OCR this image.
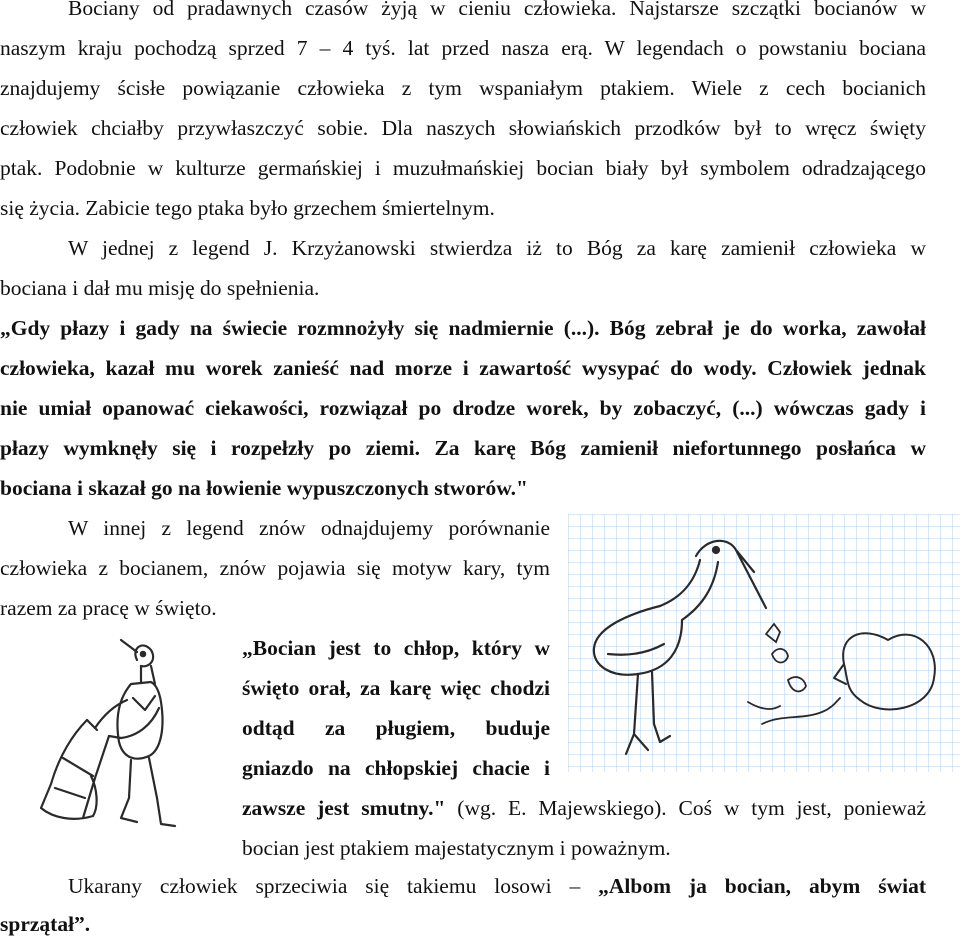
Bociany od pradawnych czasów żyją w cieniu człowieka. Najstarsze szczątki bocianów w
naszym kraju pochodzą sprzed 7 – 4 tyś. lat przed nasza erą. W legendach o powstaniu bociana
znajdujemy ścisłe powiązanie człowieka z tym wspaniałym ptakiem. Wiele z cech bocianich
człowiek chciałby przywłaszczyć sobie. Dla naszych słowiańskich przodków był to wręcz święty
ptak. Podobnie w kulturze germańskiej i muzułmańskiej bocian biały był symbolem odradzającego
się życia. Zabicie tego ptaka było grzechem śmiertelnym.
W jednej z legend J. Krzyżanowski stwierdza iż to Bóg za karę zamienił człowieka w
bociana i dał mu misję do spełnienia.
„Gdy płazy i gady na świecie rozmnożyły się nadmiernie (...). Bóg zebrał je do worka, zawołał
człowieka, kazał mu worek zanieść nad morze i zawartość wysypać do wody. Człowiek jednak
nie umiał opanować ciekawości, rozwiązał po drodze worek, by zobaczyć, (...) wówczas gady i
płazy wymknęły się i rozpełzły po ziemi. Za karę Bóg zamienił niefortunnego posłańca w
bociana i skazał go na łowienie wypuszczonych stworów."
W innej z legend znów odnajdujemy porównanie
człowieka z bocianem, znów pojawia się motyw kary, tym
razem za pracę w święto.
„Bocian jest to chłop, który w
święto orał, za karę więc chodzi
odtąd za pługiem, buduje
gniazdo na chłopskiej chacie i
zawsze jest smutny." (wg. E. Majewskiego). Coś w tym jest, ponieważ
bocian jest ptakiem majestatycznym i poważnym.
Ukarany człowiek sprzeciwia się takiemu losowi – „Albom ja bocian, abym świat
sprzątał”.
